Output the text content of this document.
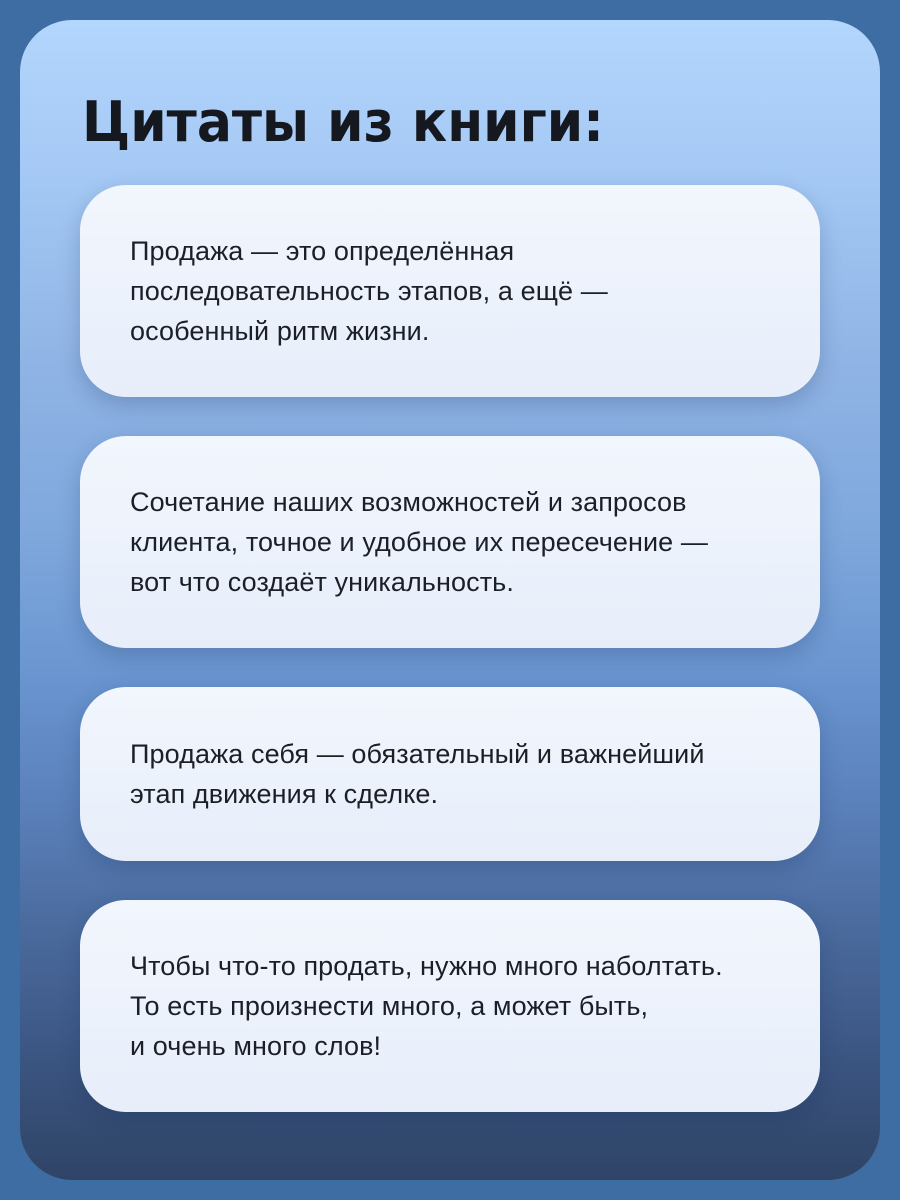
Цитаты из книги:

Продажа — это определённая
последовательность этапов, а ещё —
особенный ритм жизни.

Сочетание наших возможностей и запросов
клиента, точное и удобное их пересечение —
вот что создаёт уникальность.

Продажа себя — обязательный и важнейший
этап движения к сделке.

Чтобы что-то продать, нужно много наболтать.
То есть произнести много, а может быть,
и очень много слов!
